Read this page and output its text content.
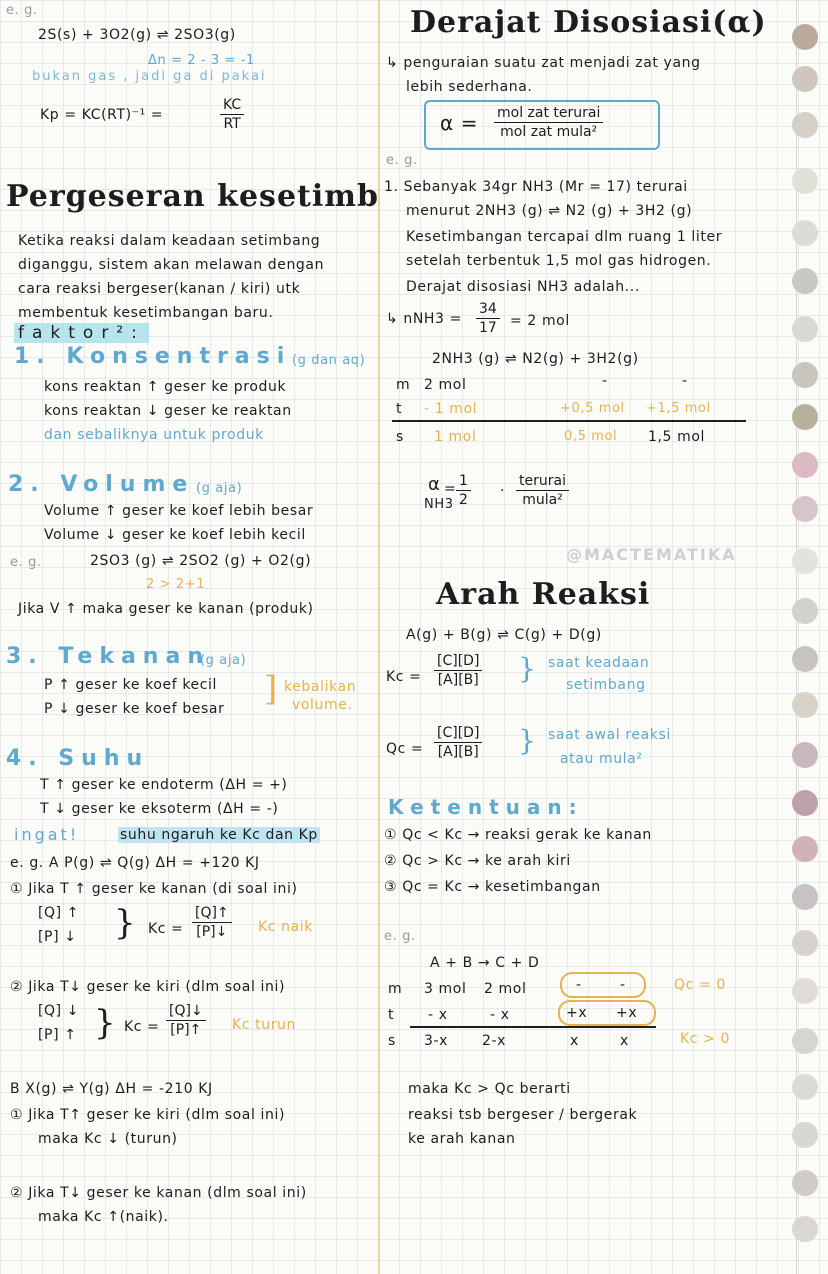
e. g.
2S(s) + 3O2(g) ⇌ 2SO3(g)
Δn = 2 - 3 = -1
bukan gas , jadi ga di pakai
Kp = KC(RT)⁻¹ =	$\frac{KC}{RT}$
Pergeseran kesetimb
Ketika reaksi dalam keadaan setimbang
diganggu, sistem akan melawan dengan
cara reaksi bergeser(kanan / kiri) utk
membentuk kesetimbangan baru.
faktor²:
1. Konsentrasi (g dan aq)
kons reaktan ↑ geser ke produk
kons reaktan ↓ geser ke reaktan
dan sebaliknya untuk produk
2. Volume (g aja)
Volume ↑ geser ke koef lebih besar
Volume ↓ geser ke koef lebih kecil
e. g.	2SO3 (g) ⇌ 2SO2 (g) + O2(g)
2 > 2+1
Jika V ↑ maka geser ke kanan (produk)
3. Tekanan
(g aja)
P ↑ geser ke koef kecil
P ↓ geser ke koef besar ] kebalikan
volume.
4. Suhu
T ↑ geser ke endoterm (ΔH = +)
T ↓ geser ke eksoterm (ΔH = -)
ingat!	suhu ngaruh ke Kc dan Kp
e. g. A P(g) ⇌ Q(g) ΔH = +120 KJ
① Jika T ↑ geser ke kanan (di soal ini)
[Q] ↑
[P] ↓ } $Kc = \frac{[Q]↑}{[P]↓}$ Kc naik
② Jika T↓ geser ke kiri (dlm soal ini)
[Q] ↓
[P] ↑ } $Kc = \frac{[Q]↓}{[P]↑}$ Kc turun
B X(g) ⇌ Y(g) ΔH = -210 KJ
① Jika T↑ geser ke kiri (dlm soal ini)
maka Kc ↓ (turun)
② Jika T↓ geser ke kanan (dlm soal ini)
maka Kc ↑(naik).
Derajat Disosiasi(α)
↳ penguraian suatu zat menjadi zat yang
lebih sederhana.
α = mol zat terurai
mol zat mula²
e. g.
1. Sebanyak 34gr NH3 (Mr = 17) terurai
menurut 2NH3 (g) ⇌ N2 (g) + 3H2 (g)
Kesetimbangan tercapai dlm ruang 1 liter
setelah terbentuk 1,5 mol gas hidrogen.
Derajat disosiasi NH3 adalah...
↳ $nNH3 = \frac{34}{17} = 2$ mol
2NH3 (g) ⇌ N2(g) + 3H2(g)
m 2 mol	-	-
t - 1 mol	+0,5 mol +1,5 mol
s 1 mol	0,5 mol 1,5 mol
α
NH3
= $\frac{1}{2}$ ·
terurai
mula²
@MACTEMATIKA
Arah Reaksi
A(g) + B(g) ⇌ C(g) + D(g)
$Kc = \frac{[C][D]}{[A][B]}$ } saat keadaan
setimbang
$Qc = \frac{[C][D]}{[A][B]}$ } saat awal reaksi
atau mula²
Ketentuan:
① Qc < Kc → reaksi gerak ke kanan
② Qc > Kc → ke arah kiri
③ Qc = Kc → kesetimbangan
e. g.
A + B → C + D
m 3 mol 2 mol	-	-	Qc = 0
t - x	- x	+x +x
s 3-x 2-x	x	x	Kc > 0
maka Kc > Qc berarti
reaksi tsb bergeser / bergerak
ke arah kanan
